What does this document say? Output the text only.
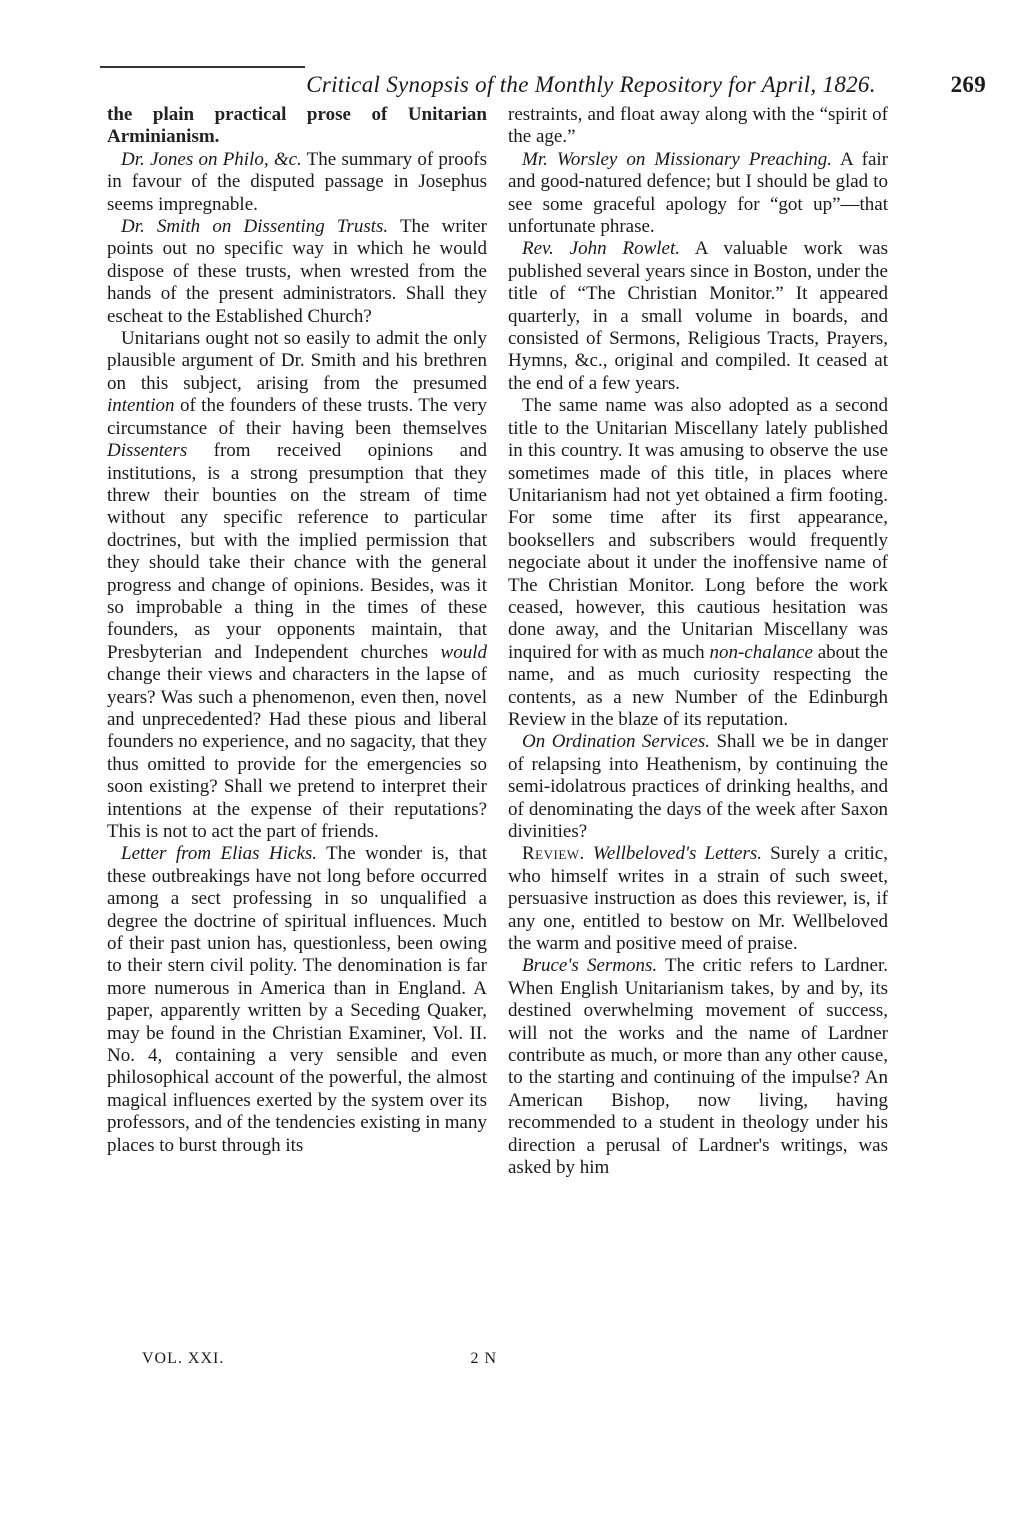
Critical Synopsis of the Monthly Repository for April, 1826.	269

the plain practical prose of Unitarian Arminianism.

Dr. Jones on Philo, &c. The summary of proofs in favour of the disputed passage in Josephus seems impregnable.

Dr. Smith on Dissenting Trusts. The writer points out no specific way in which he would dispose of these trusts, when wrested from the hands of the present administrators. Shall they escheat to the Established Church?

Unitarians ought not so easily to admit the only plausible argument of Dr. Smith and his brethren on this subject, arising from the presumed intention of the founders of these trusts. The very circumstance of their having been themselves Dissenters from received opinions and institutions, is a strong presumption that they threw their bounties on the stream of time without any specific reference to particular doctrines, but with the implied permission that they should take their chance with the general progress and change of opinions. Besides, was it so improbable a thing in the times of these founders, as your opponents maintain, that Presbyterian and Independent churches would change their views and characters in the lapse of years? Was such a phenomenon, even then, novel and unprecedented? Had these pious and liberal founders no experience, and no sagacity, that they thus omitted to provide for the emergencies so soon existing? Shall we pretend to interpret their intentions at the expense of their reputations? This is not to act the part of friends.

Letter from Elias Hicks. The wonder is, that these outbreakings have not long before occurred among a sect professing in so unqualified a degree the doctrine of spiritual influences. Much of their past union has, questionless, been owing to their stern civil polity. The denomination is far more numerous in America than in England. A paper, apparently written by a Seceding Quaker, may be found in the Christian Examiner, Vol. II. No. 4, containing a very sensible and even philosophical account of the powerful, the almost magical influences exerted by the system over its professors, and of the tendencies existing in many places to burst through its

restraints, and float away along with the “spirit of the age.”

Mr. Worsley on Missionary Preaching. A fair and good-natured defence; but I should be glad to see some graceful apology for “got up”—that unfortunate phrase.

Rev. John Rowlet. A valuable work was published several years since in Boston, under the title of “The Christian Monitor.” It appeared quarterly, in a small volume in boards, and consisted of Sermons, Religious Tracts, Prayers, Hymns, &c., original and compiled. It ceased at the end of a few years.

The same name was also adopted as a second title to the Unitarian Miscellany lately published in this country. It was amusing to observe the use sometimes made of this title, in places where Unitarianism had not yet obtained a firm footing. For some time after its first appearance, booksellers and subscribers would frequently negociate about it under the inoffensive name of The Christian Monitor. Long before the work ceased, however, this cautious hesitation was done away, and the Unitarian Miscellany was inquired for with as much non-chalance about the name, and as much curiosity respecting the contents, as a new Number of the Edinburgh Review in the blaze of its reputation.

On Ordination Services. Shall we be in danger of relapsing into Heathenism, by continuing the semi-idolatrous practices of drinking healths, and of denominating the days of the week after Saxon divinities?

Review. Wellbeloved's Letters. Surely a critic, who himself writes in a strain of such sweet, persuasive instruction as does this reviewer, is, if any one, entitled to bestow on Mr. Wellbeloved the warm and positive meed of praise.

Bruce's Sermons. The critic refers to Lardner. When English Unitarianism takes, by and by, its destined overwhelming movement of success, will not the works and the name of Lardner contribute as much, or more than any other cause, to the starting and continuing of the impulse? An American Bishop, now living, having recommended to a student in theology under his direction a perusal of Lardner's writings, was asked by him

VOL. XXI.	2 N
